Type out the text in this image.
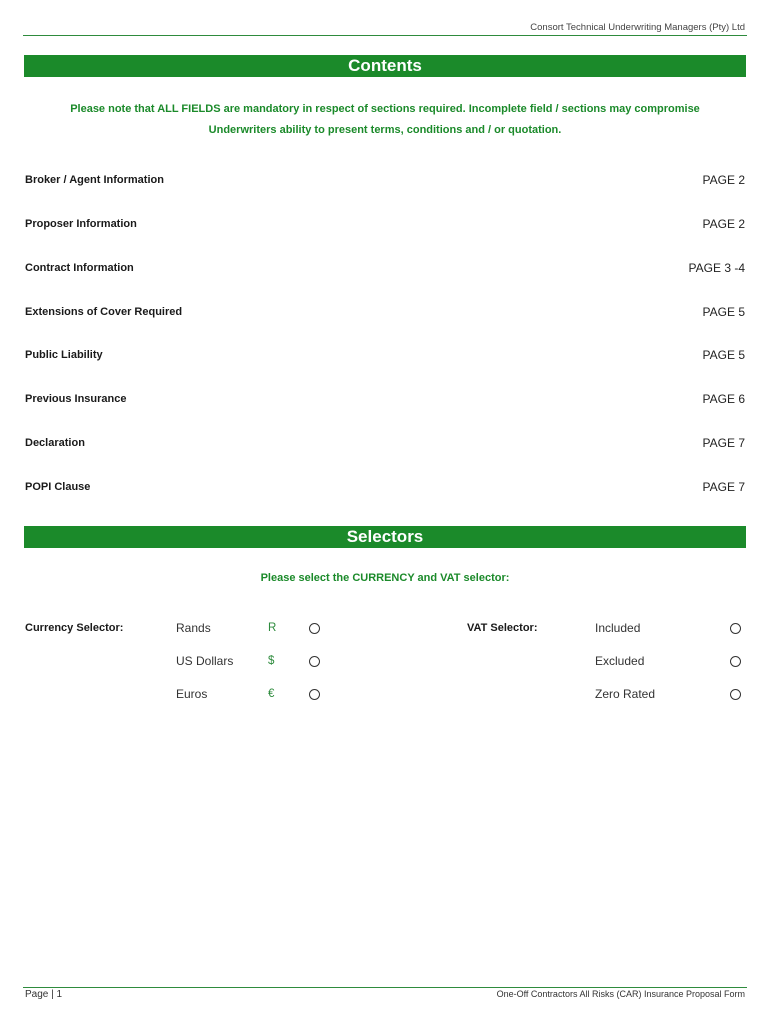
Consort Technical Underwriting Managers (Pty) Ltd
Contents
Please note that ALL FIELDS are mandatory in respect of sections required. Incomplete field / sections may compromise
Underwriters ability to present terms, conditions and / or quotation.
Broker / Agent Information	PAGE 2
Proposer Information	PAGE 2
Contract Information	PAGE 3 -4
Extensions of Cover Required	PAGE 5
Public Liability	PAGE 5
Previous Insurance	PAGE 6
Declaration	PAGE 7
POPI Clause	PAGE 7
Selectors
Please select the CURRENCY and VAT selector:
Currency Selector:	Rands	R
US Dollars	$
Euros	€
VAT Selector:	Included
Excluded
Zero Rated
Page | 1	One-Off Contractors All Risks (CAR) Insurance Proposal Form
